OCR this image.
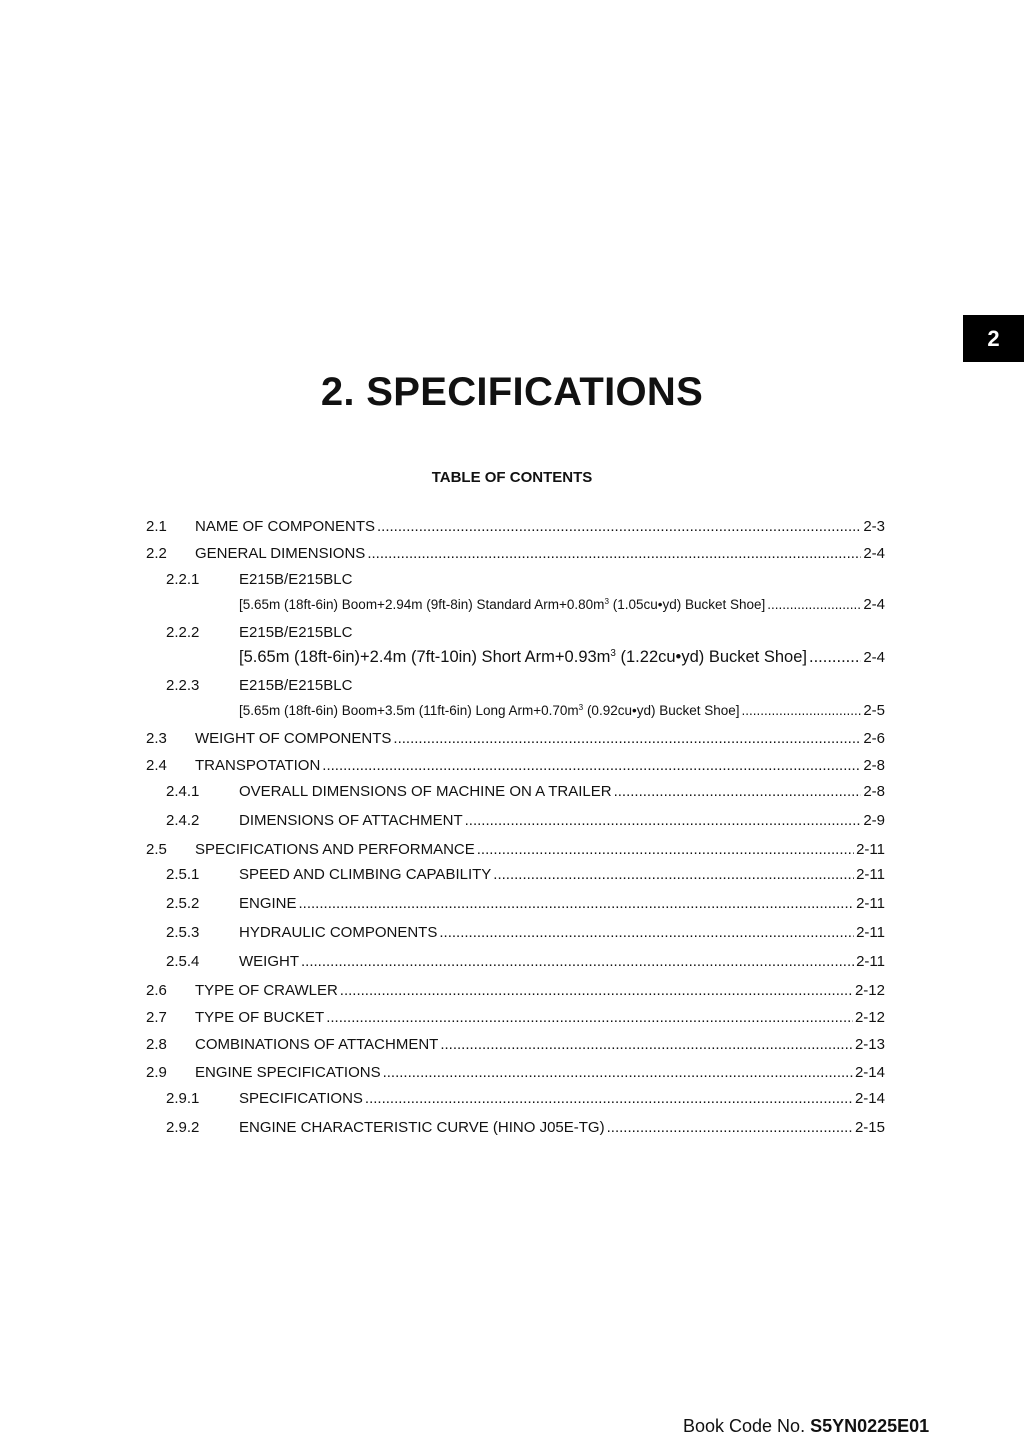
2
2. SPECIFICATIONS
TABLE OF CONTENTS
2.1 NAME OF COMPONENTS .....	2-3
2.2 GENERAL DIMENSIONS .....	2-4
2.2.1	E215B/E215BLC
[5.65m (18ft-6in) Boom+2.94m (9ft-8in) Standard $Arm+0.80m^3$ (1.05cu•yd) Bucket Shoe] .....	2-4
2.2.2	E215B/E215BLC
[5.65m (18ft-6in)+2.4m (7ft-10in) Short $Arm+0.93m^3$ (1.22cu•yd) Bucket Shoe] .....	2-4
2.2.3	E215B/E215BLC
[5.65m (18ft-6in) Boom+3.5m (11ft-6in) Long $Arm+0.70m^3$ (0.92cu•yd) Bucket Shoe] .....	2-5
2.3 WEIGHT OF COMPONENTS .....	2-6
2.4 TRANSPOTATION .....	2-8
2.4.1	OVERALL DIMENSIONS OF MACHINE ON A TRAILER .....	2-8
2.4.2	DIMENSIONS OF ATTACHMENT .....	2-9
2.5 SPECIFICATIONS AND PERFORMANCE .....	2-11
2.5.1	SPEED AND CLIMBING CAPABILITY .....	2-11
2.5.2	ENGINE .....	2-11
2.5.3	HYDRAULIC COMPONENTS .....	2-11
2.5.4	WEIGHT .....	2-11
2.6 TYPE OF CRAWLER .....	2-12
2.7 TYPE OF BUCKET .....	2-12
2.8 COMBINATIONS OF ATTACHMENT .....	2-13
2.9 ENGINE SPECIFICATIONS .....	2-14
2.9.1	SPECIFICATIONS .....	2-14
2.9.2	ENGINE CHARACTERISTIC CURVE (HINO J05E-TG) .....	2-15
Book Code No. S5YN0225E01
